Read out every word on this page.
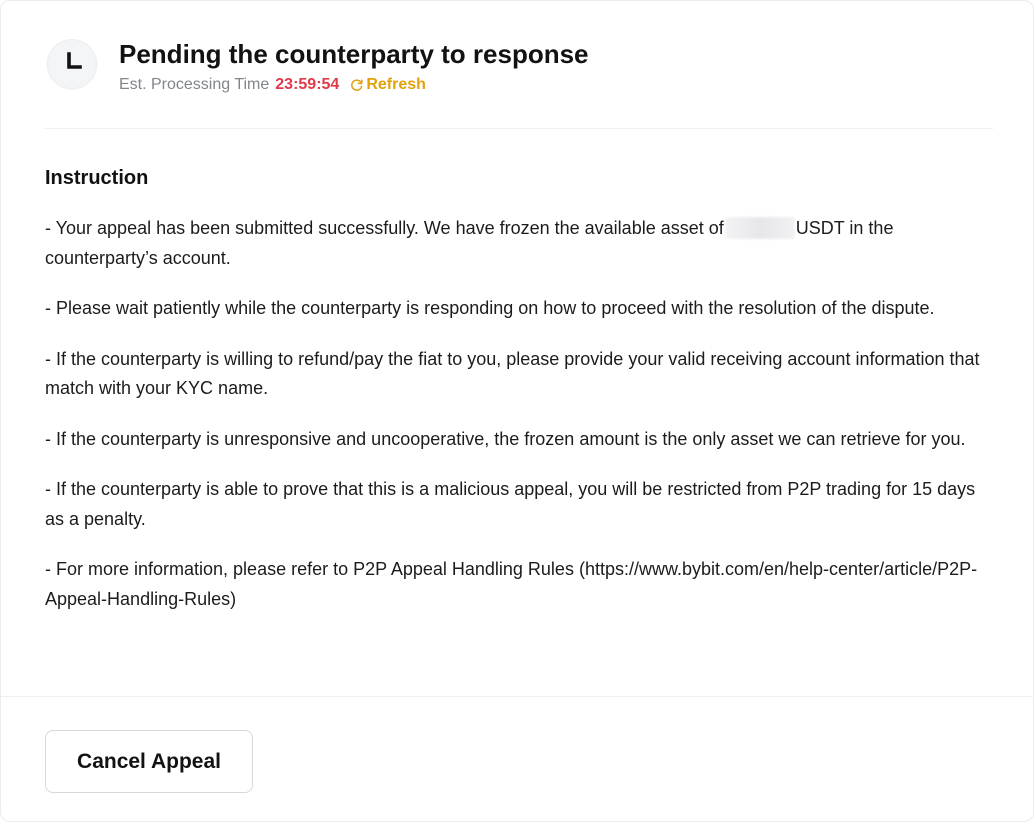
Pending the counterparty to response
Est. Processing Time 23:59:54 Refresh
Instruction

- Your appeal has been submitted successfully. We have frozen the available asset of	USDT in the counterparty’s account.

- Please wait patiently while the counterparty is responding on how to proceed with the resolution of the dispute.

- If the counterparty is willing to refund/pay the fiat to you, please provide your valid receiving account information that match with your KYC name.

- If the counterparty is unresponsive and uncooperative, the frozen amount is the only asset we can retrieve for you.

- If the counterparty is able to prove that this is a malicious appeal, you will be restricted from P2P trading for 15 days as a penalty.

- For more information, please refer to P2P Appeal Handling Rules (https://www.bybit.com/en/help-center/article/P2P-Appeal-Handling-Rules)

Cancel Appeal
